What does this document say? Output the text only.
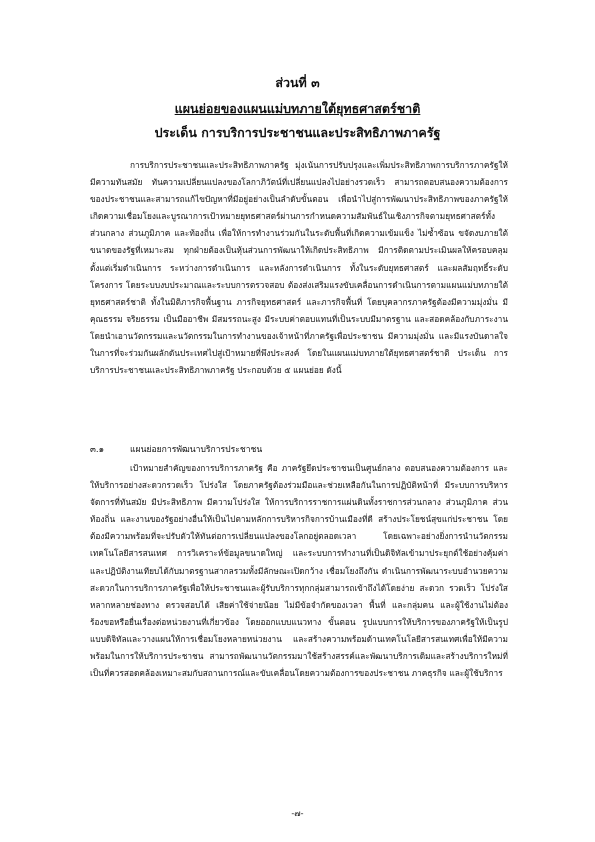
ส่วนที่ ๓
แผนย่อยของแผนแม่บทภายใต้ยุทธศาสตร์ชาติ
ประเด็น การบริการประชาชนและประสิทธิภาพภาครัฐ

การบริการประชาชนและประสิทธิภาพภาครัฐ มุ่งเน้นการปรับปรุงและเพิ่มประสิทธิภาพการบริการภาครัฐให้มีความทันสมัย ทันความเปลี่ยนแปลงของโลกาภิวัตน์ที่เปลี่ยนแปลงไปอย่างรวดเร็ว สามารถตอบสนองความต้องการของประชาชนและสามารถแก้ไขปัญหาที่มีอยู่อย่างเป็นลำดับขั้นตอน เพื่อนำไปสู่การพัฒนาประสิทธิภาพของภาครัฐให้เกิดความเชื่อมโยงและบูรณาการเป้าหมายยุทธศาสตร์ผ่านการกำหนดความสัมพันธ์ในเชิงภารกิจตามยุทธศาสตร์ทั้งส่วนกลาง ส่วนภูมิภาค และท้องถิ่น เพื่อให้การทำงานร่วมกันในระดับพื้นที่เกิดความเข้มแข็ง ไม่ซ้ำซ้อน ขจัดงบภายใต้ขนาดของรัฐที่เหมาะสม ทุกฝ่ายต้องเป็นหุ้นส่วนการพัฒนาให้เกิดประสิทธิภาพ มีการติดตามประเมินผลให้ครอบคลุม ตั้งแต่เริ่มดำเนินการ ระหว่างการดำเนินการ และหลังการดำเนินการ ทั้งในระดับยุทธศาสตร์ และผลสัมฤทธิ์ระดับโครงการ โดยระบบงบประมาณและระบบการตรวจสอบ ต้องส่งเสริมแรงขับเคลื่อนการดำเนินการตามแผนแม่บทภายใต้ยุทธศาสตร์ชาติ ทั้งในมิติภารกิจพื้นฐาน ภารกิจยุทธศาสตร์ และภารกิจพื้นที่ โดยบุคลากรภาครัฐต้องมีความมุ่งมั่น มีคุณธรรม จริยธรรม เป็นมืออาชีพ มีสมรรถนะสูง มีระบบค่าตอบแทนที่เป็นระบบมีมาตรฐาน และสอดคล้องกับภาระงาน โดยนำเอานวัตกรรมและนวัตกรรมในการทำงานของเจ้าหน้าที่ภาครัฐเพื่อประชาชน มีความมุ่งมั่น และมีแรงบันดาลใจในการที่จะร่วมกันผลักดันประเทศไปสู่เป้าหมายที่พึงประสงค์ โดยในแผนแม่บทภายใต้ยุทธศาสตร์ชาติ ประเด็น การบริการประชาชนและประสิทธิภาพภาครัฐ ประกอบด้วย ๕ แผนย่อย ดังนี้

๓.๑	แผนย่อยการพัฒนาบริการประชาชน

เป้าหมายสำคัญของการบริการภาครัฐ คือ ภาครัฐยึดประชาชนเป็นศูนย์กลาง ตอบสนองความต้องการ และให้บริการอย่างสะดวกรวดเร็ว โปร่งใส โดยภาครัฐต้องร่วมมือและช่วยเหลือกันในการปฏิบัติหน้าที่ มีระบบการบริหารจัดการที่ทันสมัย มีประสิทธิภาพ มีความโปร่งใส ให้การบริการราชการแผ่นดินทั้งราชการส่วนกลาง ส่วนภูมิภาค ส่วนท้องถิ่น และงานของรัฐอย่างอื่นให้เป็นไปตามหลักการบริหารกิจการบ้านเมืองที่ดี สร้างประโยชน์สุขแก่ประชาชน โดยต้องมีความพร้อมที่จะปรับตัวให้ทันต่อการเปลี่ยนแปลงของโลกอยู่ตลอดเวลา โดยเฉพาะอย่างยิ่งการนำนวัตกรรม เทคโนโลยีสารสนเทศ การวิเคราะห์ข้อมูลขนาดใหญ่ และระบบการทำงานที่เป็นดิจิทัลเข้ามาประยุกต์ใช้อย่างคุ้มค่า และปฏิบัติงานเทียบได้กับมาตรฐานสากลรวมทั้งมีลักษณะเปิดกว้าง เชื่อมโยงถึงกัน ดำเนินการพัฒนาระบบอำนวยความสะดวกในการบริการภาครัฐเพื่อให้ประชาชนและผู้รับบริการทุกกลุ่มสามารถเข้าถึงได้โดยง่าย สะดวก รวดเร็ว โปร่งใส หลากหลายช่องทาง ตรวจสอบได้ เสียค่าใช้จ่ายน้อย ไม่มีข้อจำกัดของเวลา พื้นที่ และกลุ่มคน และผู้ใช้งานไม่ต้องร้องขอหรือยื่นเรื่องต่อหน่วยงานที่เกี่ยวข้อง โดยออกแบบแนวทาง ขั้นตอน รูปแบบการให้บริการของภาครัฐให้เป็นรูปแบบดิจิทัลและวางแผนให้การเชื่อมโยงหลายหน่วยงาน และสร้างความพร้อมด้านเทคโนโลยีสารสนเทศเพื่อให้มีความพร้อมในการให้บริการประชาชน สามารถพัฒนานวัตกรรมมาใช้สร้างสรรค์และพัฒนาบริการเดิมและสร้างบริการใหม่ที่เป็นที่ควรสอดคล้องเหมาะสมกับสถานการณ์และขับเคลื่อนโดยความต้องการของประชาชน ภาคธุรกิจ และผู้ใช้บริการ

-๗-
